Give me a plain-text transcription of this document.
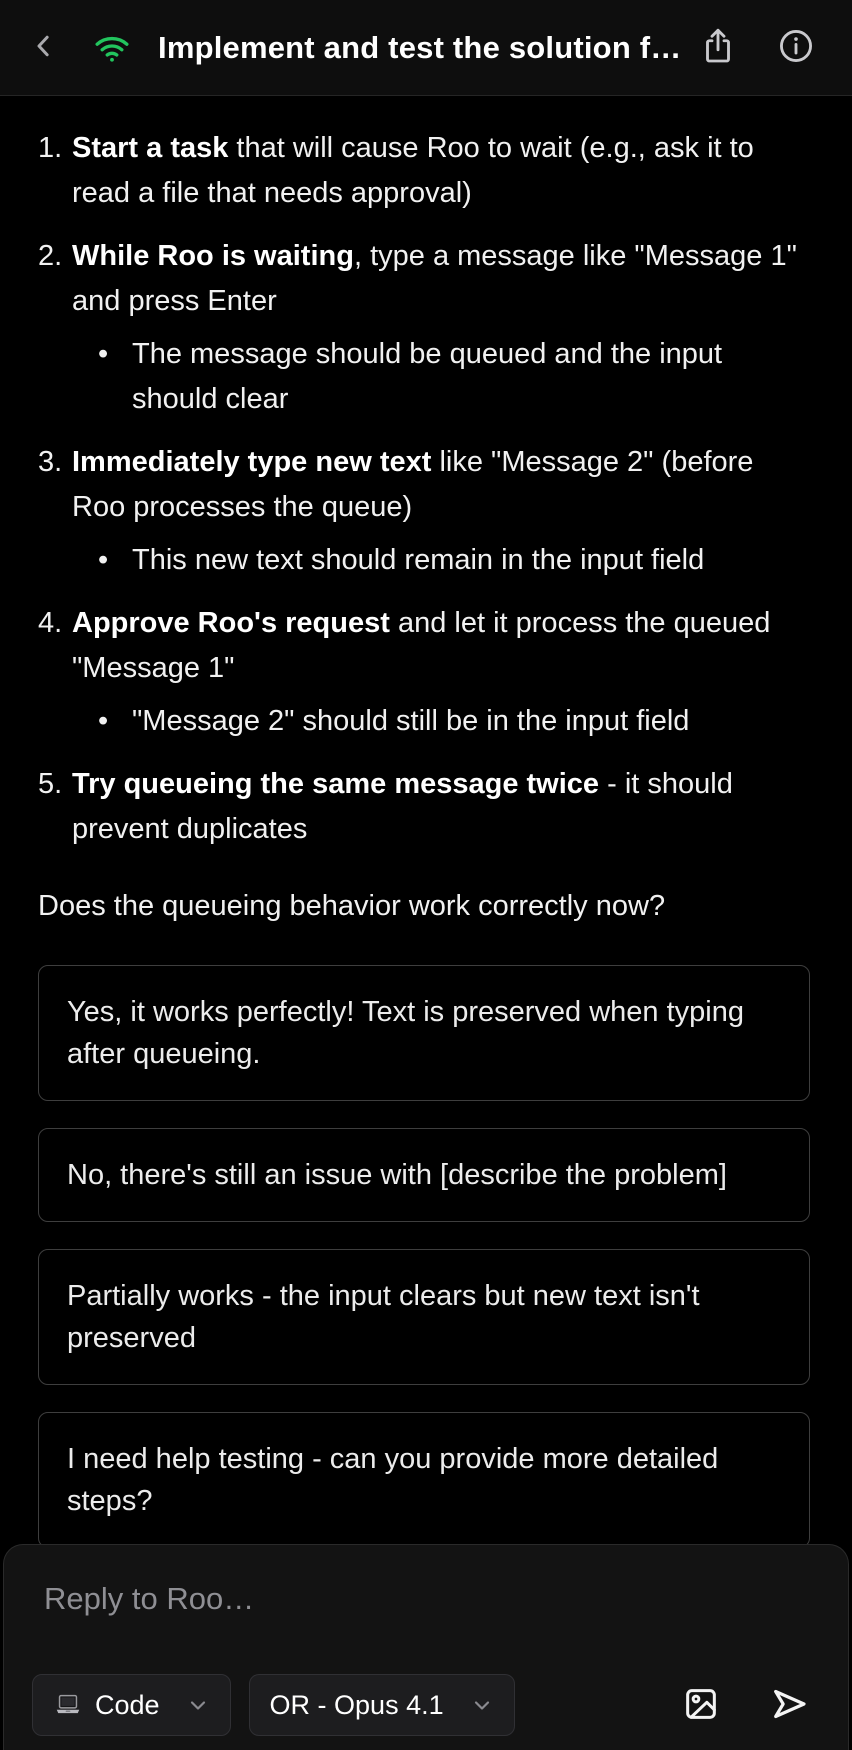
Implement and test the solution f…
1. Start a task that will cause Roo to wait (e.g., ask it to read a file that needs approval)
2. While Roo is waiting, type a message like "Message 1" and press Enter
• The message should be queued and the input should clear
3. Immediately type new text like "Message 2" (before Roo processes the queue)
• This new text should remain in the input field
4. Approve Roo's request and let it process the queued "Message 1"
• "Message 2" should still be in the input field
5. Try queueing the same message twice - it should prevent duplicates

Does the queueing behavior work correctly now?

Yes, it works perfectly! Text is preserved when typing after queueing.
No, there's still an issue with [describe the problem]
Partially works - the input clears but new text isn't preserved
I need help testing - can you provide more detailed steps?
Reply to Roo…
Code	OR - Opus 4.1
